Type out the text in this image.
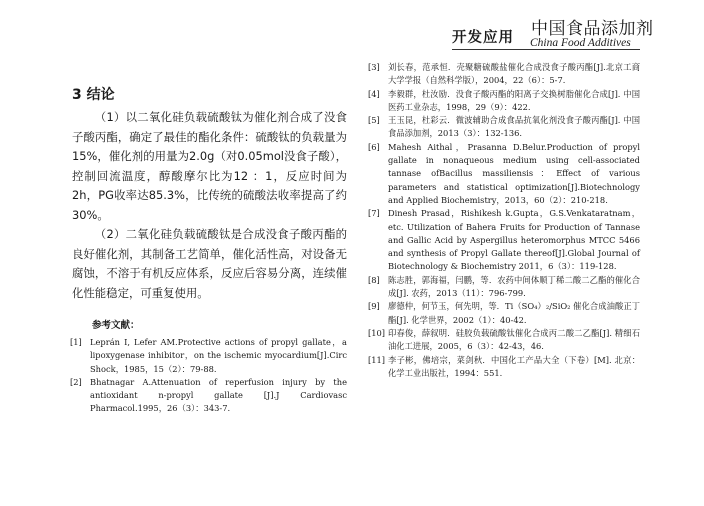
开发应用 中国食品添加剂
China Food Additives
3 结论

（1）以二氧化硅负载硫酸钛为催化剂合成了没食子酸丙酯，确定了最佳的酯化条件：硫酸钛的负载量为15%，催化剂的用量为2.0g（对0.05mol没食子酸），控制回流温度，醇酸摩尔比为12 ：1，反应时间为2h，PG收率达85.3%，比传统的硫酸法收率提高了约30%。

（2）二氧化硅负载硫酸钛是合成没食子酸丙酯的良好催化剂，其制备工艺简单，催化活性高，对设备无腐蚀，不溶于有机反应体系，反应后容易分离，连续催化性能稳定，可重复使用。

参考文献：
[1] Leprán I, Lefer AM.Protective actions of propyl gallate，a lipoxygenase inhibitor，on the ischemic myocardium[J].Circ Shock，1985，15（2）：79-88.
[2] Bhatnagar A.Attenuation of reperfusion injury by the antioxidant n-propyl gallate [J].J Cardiovasc Pharmacol.1995，26（3）：343-7.
[3] 刘长春，范承恒．壳聚糖硫酸盐催化合成没食子酸丙酯[J].北京工商大学学报（自然科学版），2004，22（6）：5-7.
[4] 李毅群，杜汝励．没食子酸丙酯的阳离子交换树脂催化合成[J]. 中国医药工业杂志，1998，29（9）：422.
[5] 王玉昆，杜彩云．微波辅助合成食品抗氧化剂没食子酸丙酯[J]. 中国食品添加剂，2013（3）：132-136.
[6] Mahesh Aithal，Prasanna D.Belur.Production of propyl gallate in nonaqueous medium using cell-associated tannase ofBacillus massiliensis：Effect of various parameters and statistical optimization[J].Biotechnology and Applied Biochemistry，2013，60（2）：210-218.
[7] Dinesh Prasad，Rishikesh k.Gupta，G.S.Venkataratnam，etc. Utilization of Bahera Fruits for Production of Tannase and Gallic Acid by Aspergillus heteromorphus MTCC 5466 and synthesis of Propyl Gallate thereof[J].Global Journal of Biotechnology & Biochemistry 2011，6（3）：119-128.
[8] 陈志胜，郭海福，闫鹏，等．农药中间体顺丁稀二酸二乙酯的催化合成[J]. 农药，2013（11）：796-799.
[9] 廖德仲，何节玉，何先明，等．Ti（SO₄）₂/SiO₂ 催化合成油酸正丁酯[J]. 化学世界，2002（1）：40-42.
[10] 印春俊，薛叙明．硅胶负载硫酸钛催化合成丙二酸二乙酯[J]. 精细石油化工进展，2005，6（3）：42-43，46.
[11] 李子彬，佛培宗，菜剑秋．中国化工产品大全（下卷）[M]. 北京：化学工业出版社，1994：551.
